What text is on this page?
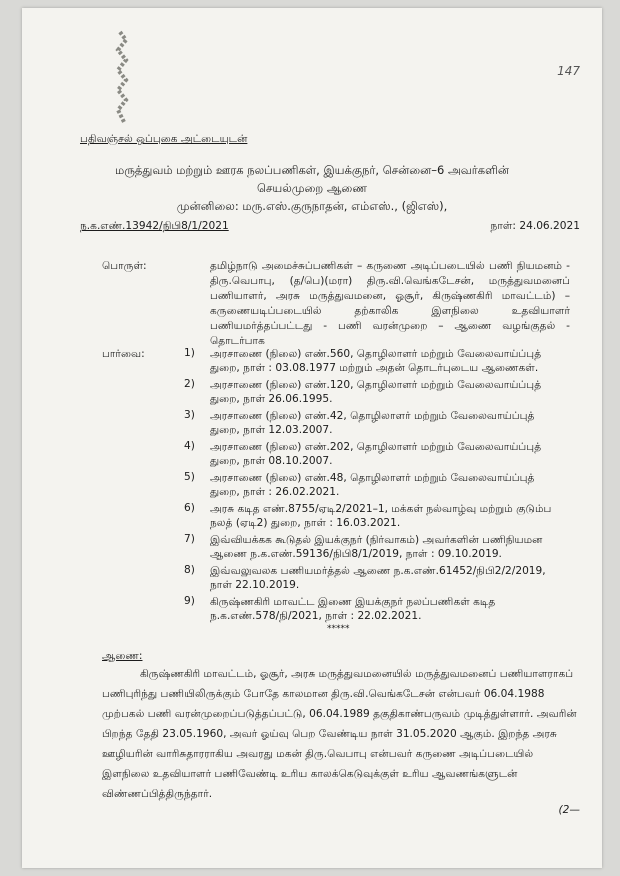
147
பதிவஞ்சல் ஒப்புகை அட்டையுடன்
மருத்துவம் மற்றும் ஊரக நலப்பணிகள், இயக்குநர், சென்னை–6 அவர்களின்
செயல்முறை ஆணை
முன்னிலை: மரு.எஸ்.குருநாதன், எம்எஸ்., (ஜிஎஸ்),
ந.க.எண்.13942/நிபி8/1/2021	நாள்: 24.06.2021
பொருள்:	தமிழ்நாடு அமைச்சுப்பணிகள் – கருணை அடிப்படையில் பணி நியமனம் - திரு.வெபாபு, (த/பெ)(மரா) திரு.வி.வெங்கடேசன், மருத்துவமனைப் பணியாளர், அரசு மருத்துவமனை, ஓசூர், கிருஷ்ணகிரி மாவட்டம்) – கருணையடிப்படையில் தற்காலிக இளநிலை உதவியாளர் பணியமர்த்தப்பட்டது - பணி வரன்முறை – ஆணை வழங்குதல் - தொடர்பாக
பார்வை:	1) அரசாணை (நிலை) எண்.560, தொழிலாளர் மற்றும் வேலைவாய்ப்புத்
துறை, நாள் : 03.08.1977 மற்றும் அதன் தொடர்புடைய ஆணைகள்.
2) அரசாணை (நிலை) எண்.120, தொழிலாளர் மற்றும் வேலைவாய்ப்புத்
துறை, நாள் 26.06.1995.
3) அரசாணை (நிலை) எண்.42, தொழிலாளர் மற்றும் வேலைவாய்ப்புத்
துறை, நாள் 12.03.2007.
4) அரசாணை (நிலை) எண்.202, தொழிலாளர் மற்றும் வேலைவாய்ப்புத்
துறை, நாள் 08.10.2007.
5) அரசாணை (நிலை) எண்.48, தொழிலாளர் மற்றும் வேலைவாய்ப்புத்
துறை, நாள் : 26.02.2021.
6) அரசு கடித எண்.8755/ஏடி2/2021–1, மக்கள் நல்வாழ்வு மற்றும் குடும்ப
நலத் (ஏடி2) துறை, நாள் : 16.03.2021.
7) இவ்வியக்கக கூடுதல் இயக்குநர் (நிர்வாகம்) அவர்களின் பணிநியமன
ஆணை ந.க.எண்.59136/நிபி8/1/2019, நாள் : 09.10.2019.
8) இவ்வலுவலக பணியமர்த்தல் ஆணை ந.க.எண்.61452/நிபி2/2/2019,
நாள் 22.10.2019.
9) கிருஷ்ணகிரி மாவட்ட இணை இயக்குநர் நலப்பணிகள் கடித
ந.க.எண்.578/நி/2021, நாள் : 22.02.2021.
*****
ஆணை:
கிருஷ்ணகிரி மாவட்டம், ஓசூர், அரசு மருத்துவமனையில் மருத்துவமனைப் பணியாளராகப்
பணிபுரிந்து பணியிலிருக்கும் போதே காலமான திரு.வி.வெங்கடேசன் என்பவர் 06.04.1988
முற்பகல் பணி வரன்முறைப்படுத்தப்பட்டு, 06.04.1989 தகுதிகாண்பருவம் முடித்துள்ளார். அவரின்
பிறந்த தேதி 23.05.1960, அவர் ஓய்வு பெற வேண்டிய நாள் 31.05.2020 ஆகும். இறந்த அரசு
ஊழியரின் வாரிசுதாரராகிய அவரது மகன் திரு.வெபாபு என்பவர் கருணை அடிப்படையில்
இளநிலை உதவியாளர் பணிவேண்டி உரிய காலக்கெடுவுக்குள் உரிய ஆவணங்களுடன்
விண்ணப்பித்திருந்தார்.
(2—
